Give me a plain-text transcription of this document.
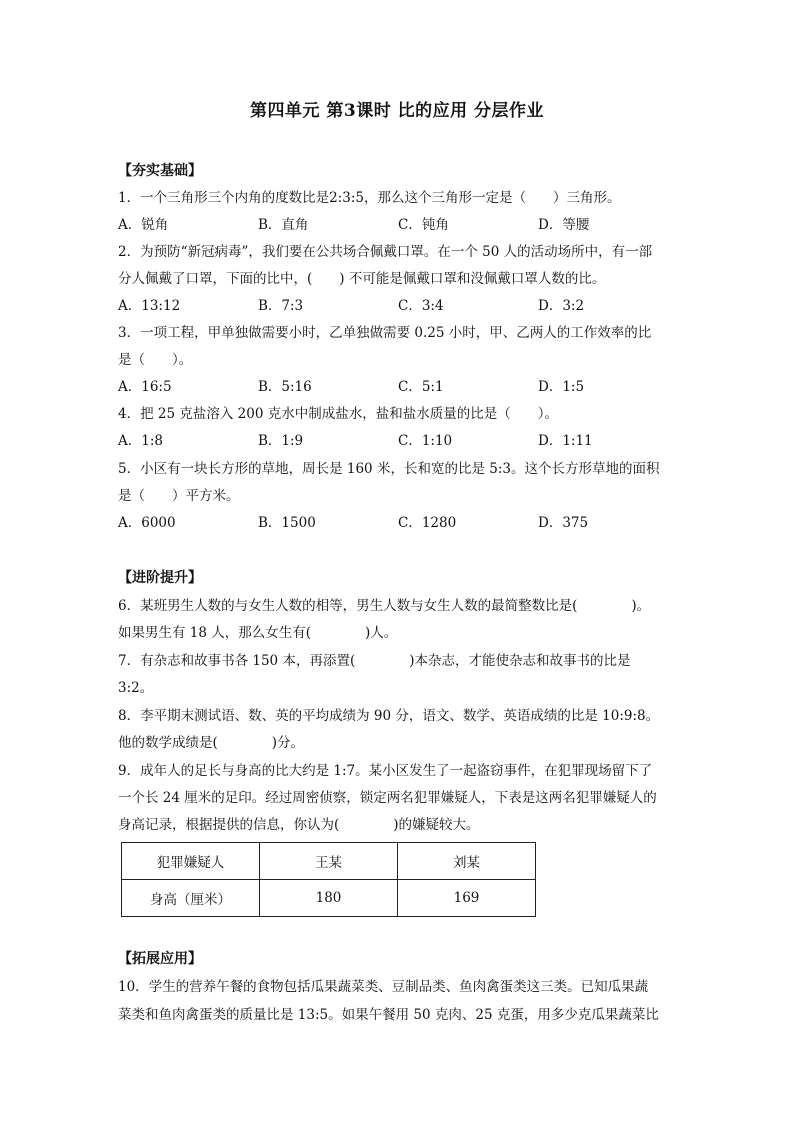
第四单元 第3课时 比的应用 分层作业
【夯实基础】
1．一个三角形三个内角的度数比是2:3:5，那么这个三角形一定是（　　）三角形。
A．锐角	B．直角	C．钝角	D．等腰
2．为预防“新冠病毒”，我们要在公共场合佩戴口罩。在一个 50 人的活动场所中，有一部
分人佩戴了口罩，下面的比中，(　　) 不可能是佩戴口罩和没佩戴口罩人数的比。
A．13:12	B．7:3	C．3:4	D．3:2
3．一项工程，甲单独做需要小时，乙单独做需要 0.25 小时，甲、乙两人的工作效率的比
是（　　）。
A．16:5	B．5:16	C．5:1	D．1:5
4．把 25 克盐溶入 200 克水中制成盐水，盐和盐水质量的比是（　　）。
A．1:8	B．1:9	C．1:10	D．1:11
5．小区有一块长方形的草地，周长是 160 米，长和宽的比是 5:3。这个长方形草地的面积
是（　　）平方米。
A．6000	B．1500	C．1280	D．375
【进阶提升】
6．某班男生人数的与女生人数的相等，男生人数与女生人数的最简整数比是(　　　　)。
如果男生有 18 人，那么女生有(　　　　)人。
7．有杂志和故事书各 150 本，再添置(　　　　)本杂志，才能使杂志和故事书的比是
3:2。
8．李平期末测试语、数、英的平均成绩为 90 分，语文、数学、英语成绩的比是 10:9:8。
他的数学成绩是(　　　　)分。
9．成年人的足长与身高的比大约是 1:7。某小区发生了一起盗窃事件，在犯罪现场留下了
一个长 24 厘米的足印。经过周密侦察，锁定两名犯罪嫌疑人，下表是这两名犯罪嫌疑人的
身高记录，根据提供的信息，你认为(　　　　)的嫌疑较大。
犯罪嫌疑人	王某	刘某
身高（厘米）	180	169
【拓展应用】
10．学生的营养午餐的食物包括瓜果蔬菜类、豆制品类、鱼肉禽蛋类这三类。已知瓜果蔬
菜类和鱼肉禽蛋类的质量比是 13:5。如果午餐用 50 克肉、25 克蛋，用多少克瓜果蔬菜比
